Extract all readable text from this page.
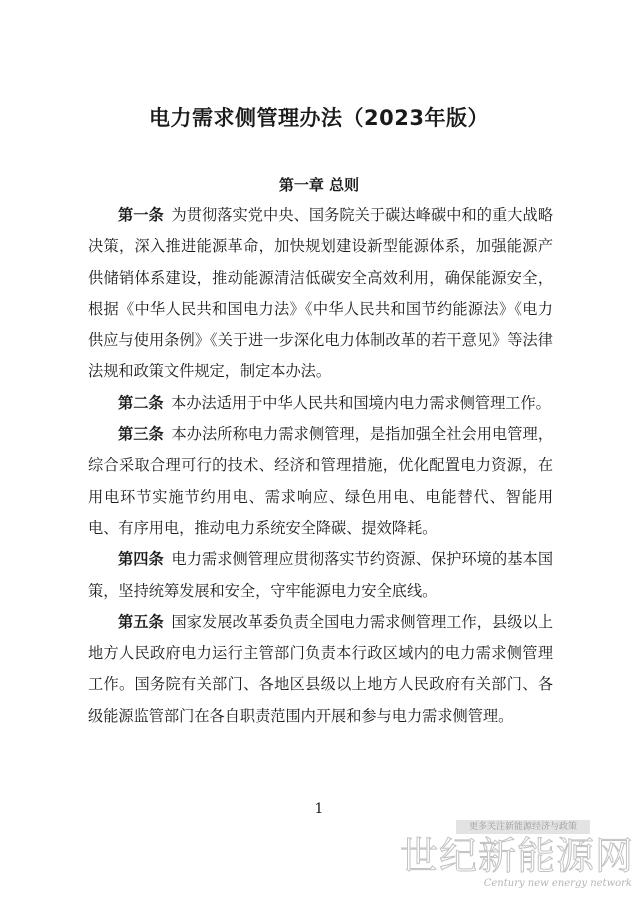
电力需求侧管理办法（2023年版）
第一章 总则

第一条  为贯彻落实党中央、国务院关于碳达峰碳中和的重大战略决策，深入推进能源革命，加快规划建设新型能源体系，加强能源产供储销体系建设，推动能源清洁低碳安全高效利用，确保能源安全，根据《中华人民共和国电力法》《中华人民共和国节约能源法》《电力供应与使用条例》《关于进一步深化电力体制改革的若干意见》等法律法规和政策文件规定，制定本办法。

第二条  本办法适用于中华人民共和国境内电力需求侧管理工作。

第三条  本办法所称电力需求侧管理，是指加强全社会用电管理，综合采取合理可行的技术、经济和管理措施，优化配置电力资源，在用电环节实施节约用电、需求响应、绿色用电、电能替代、智能用电、有序用电，推动电力系统安全降碳、提效降耗。

第四条  电力需求侧管理应贯彻落实节约资源、保护环境的基本国策，坚持统筹发展和安全，守牢能源电力安全底线。

第五条  国家发展改革委负责全国电力需求侧管理工作，县级以上地方人民政府电力运行主管部门负责本行政区域内的电力需求侧管理工作。国务院有关部门、各地区县级以上地方人民政府有关部门、各级能源监管部门在各自职责范围内开展和参与电力需求侧管理。

1
更多关注新能源经济与政策
世纪新能源网
Century new energy network
